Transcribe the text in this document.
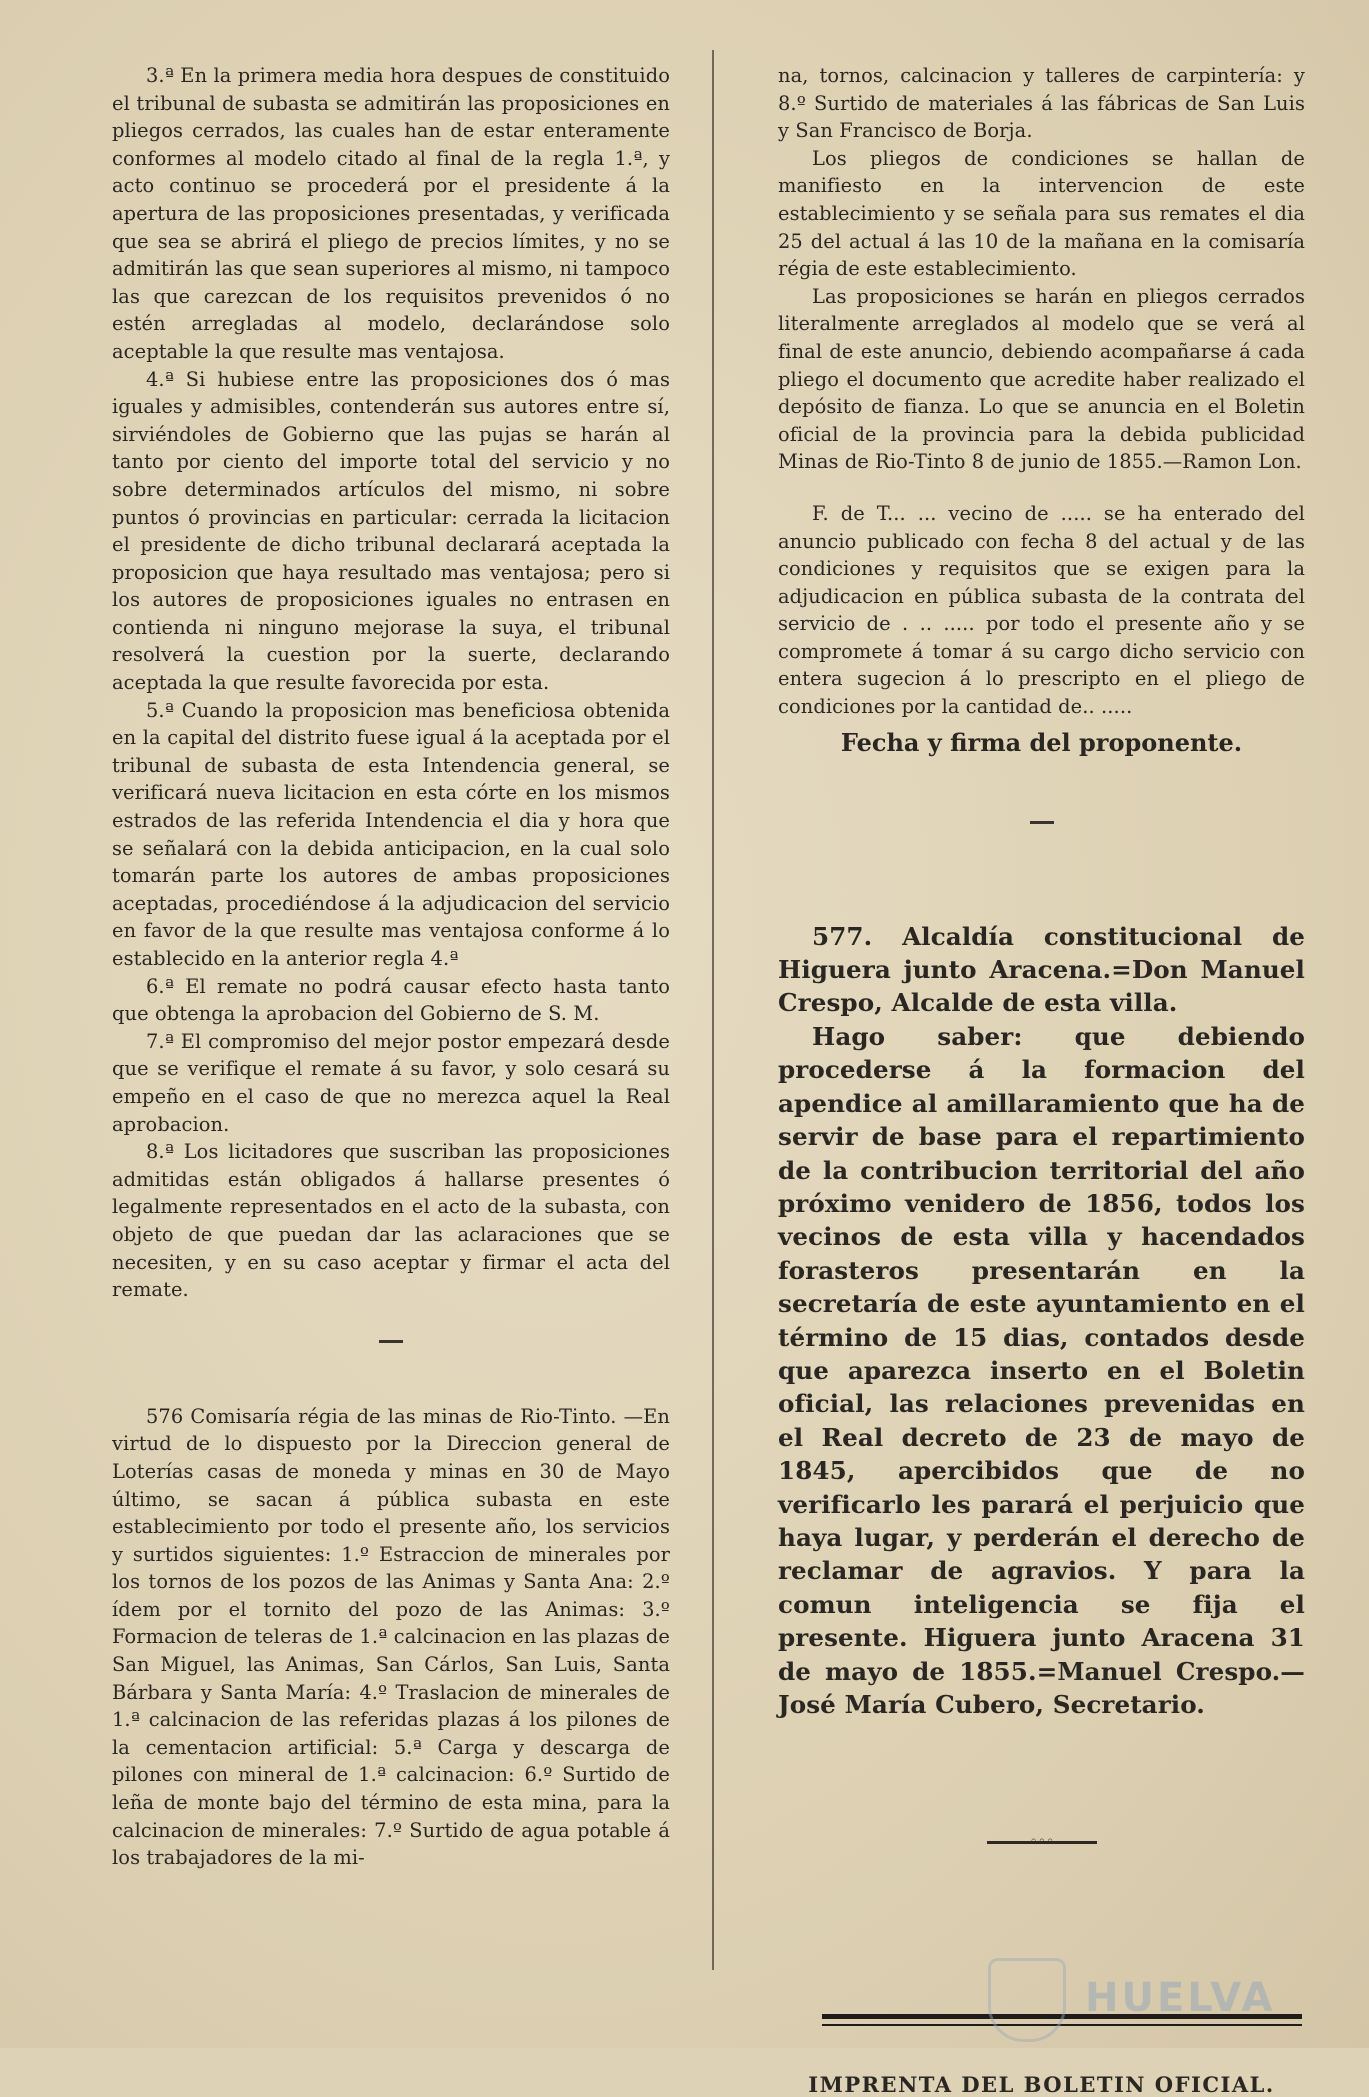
3.ª En la primera media hora despues de constituido el tribunal de subasta se admitirán las proposiciones en pliegos cerrados, las cuales han de estar enteramente conformes al modelo citado al final de la regla 1.ª, y acto continuo se procederá por el presidente á la apertura de las proposiciones presentadas, y verificada que sea se abrirá el pliego de precios límites, y no se admitirán las que sean superiores al mismo, ni tampoco las que carezcan de los requisitos prevenidos ó no estén arregladas al modelo, declarándose solo aceptable la que resulte mas ventajosa.

4.ª Si hubiese entre las proposiciones dos ó mas iguales y admisibles, contenderán sus autores entre sí, sirviéndoles de Gobierno que las pujas se harán al tanto por ciento del importe total del servicio y no sobre determinados artículos del mismo, ni sobre puntos ó provincias en particular: cerrada la licitacion el presidente de dicho tribunal declarará aceptada la proposicion que haya resultado mas ventajosa; pero si los autores de proposiciones iguales no entrasen en contienda ni ninguno mejorase la suya, el tribunal resolverá la cuestion por la suerte, declarando aceptada la que resulte favorecida por esta.

5.ª Cuando la proposicion mas beneficiosa obtenida en la capital del distrito fuese igual á la aceptada por el tribunal de subasta de esta Intendencia general, se verificará nueva licitacion en esta córte en los mismos estrados de las referida Intendencia el dia y hora que se señalará con la debida anticipacion, en la cual solo tomarán parte los autores de ambas proposiciones aceptadas, procediéndose á la adjudicacion del servicio en favor de la que resulte mas ventajosa conforme á lo establecido en la anterior regla 4.ª

6.ª El remate no podrá causar efecto hasta tanto que obtenga la aprobacion del Gobierno de S. M.

7.ª El compromiso del mejor postor empezará desde que se verifique el remate á su favor, y solo cesará su empeño en el caso de que no merezca aquel la Real aprobacion.

8.ª Los licitadores que suscriban las proposiciones admitidas están obligados á hallarse presentes ó legalmente representados en el acto de la subasta, con objeto de que puedan dar las aclaraciones que se necesiten, y en su caso aceptar y firmar el acta del remate.

576 Comisaría régia de las minas de Rio-Tinto. —En virtud de lo dispuesto por la Direccion general de Loterías casas de moneda y minas en 30 de Mayo último, se sacan á pública subasta en este establecimiento por todo el presente año, los servicios y surtidos siguientes: 1.º Estraccion de minerales por los tornos de los pozos de las Animas y Santa Ana: 2.º ídem por el tornito del pozo de las Animas: 3.º Formacion de teleras de 1.ª calcinacion en las plazas de San Miguel, las Animas, San Cárlos, San Luis, Santa Bárbara y Santa María: 4.º Traslacion de minerales de 1.ª calcinacion de las referidas plazas á los pilones de la cementacion artificial: 5.ª Carga y descarga de pilones con mineral de 1.ª calcinacion: 6.º Surtido de leña de monte bajo del término de esta mina, para la calcinacion de minerales: 7.º Surtido de agua potable á los trabajadores de la mi-

na, tornos, calcinacion y talleres de carpintería: y 8.º Surtido de materiales á las fábricas de San Luis y San Francisco de Borja.

Los pliegos de condiciones se hallan de manifiesto en la intervencion de este establecimiento y se señala para sus remates el dia 25 del actual á las 10 de la mañana en la comisaría régia de este establecimiento.

Las proposiciones se harán en pliegos cerrados literalmente arreglados al modelo que se verá al final de este anuncio, debiendo acompañarse á cada pliego el documento que acredite haber realizado el depósito de fianza. Lo que se anuncia en el Boletin oficial de la provincia para la debida publicidad Minas de Rio-Tinto 8 de junio de 1855.—Ramon Lon.

F. de T... ... vecino de ..... se ha enterado del anuncio publicado con fecha 8 del actual y de las condiciones y requisitos que se exigen para la adjudicacion en pública subasta de la contrata del servicio de . .. ..... por todo el presente año y se compromete á tomar á su cargo dicho servicio con entera sugecion á lo prescripto en el pliego de condiciones por la cantidad de.. .....

Fecha y firma del proponente.

577. Alcaldía constitucional de Higuera junto Aracena.=Don Manuel Crespo, Alcalde de esta villa.

Hago saber: que debiendo procederse á la formacion del apendice al amillaramiento que ha de servir de base para el repartimiento de la contribucion territorial del año próximo venidero de 1856, todos los vecinos de esta villa y hacendados forasteros presentarán en la secretaría de este ayuntamiento en el término de 15 dias, contados desde que aparezca inserto en el Boletin oficial, las relaciones prevenidas en el Real decreto de 23 de mayo de 1845, apercibidos que de no verificarlo les parará el perjuicio que haya lugar, y perderán el derecho de reclamar de agravios. Y para la comun inteligencia se fija el presente. Higuera junto Aracena 31 de mayo de 1855.=Manuel Crespo.—José María Cubero, Secretario.

◦◦◦
IMPRENTA DEL BOLETIN OFICIAL.
HUELVA
